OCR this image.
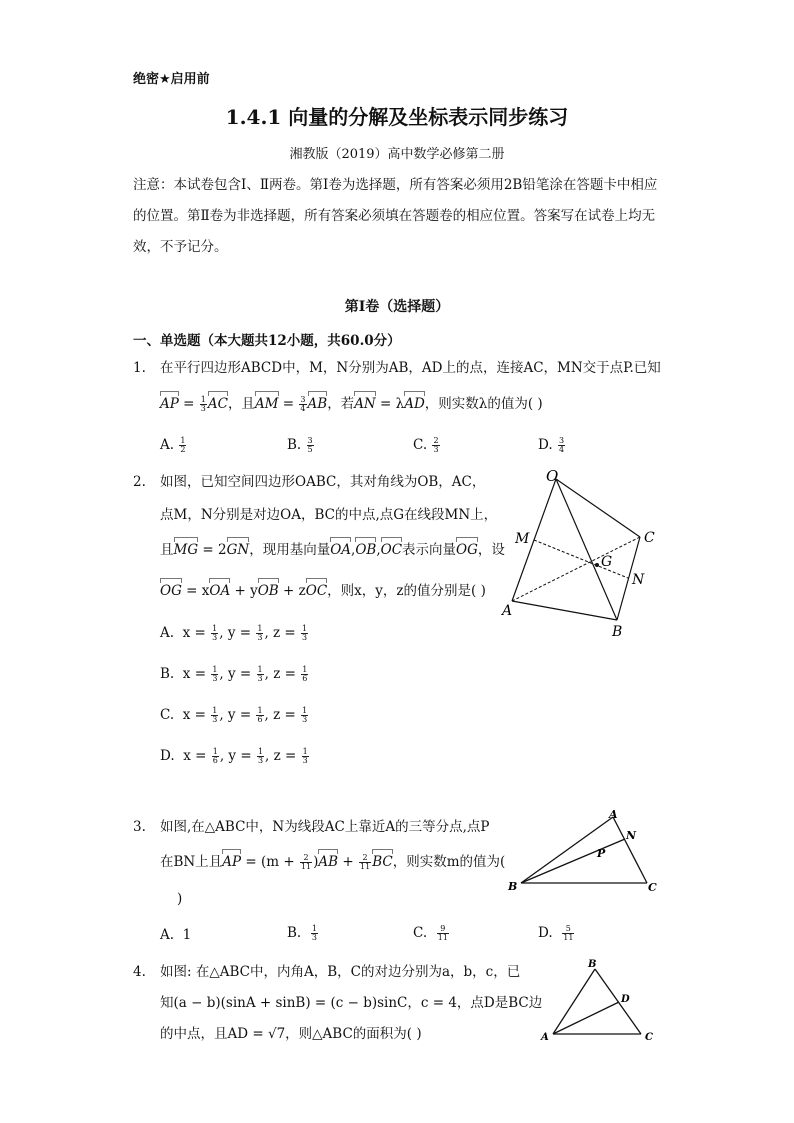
绝密★启用前
1.4.1 向量的分解及坐标表示同步练习
湘教版（2019）高中数学必修第二册
注意：本试卷包含Ⅰ、Ⅱ两卷。第Ⅰ卷为选择题，所有答案必须用2B铅笔涂在答题卡中相应的位置。第Ⅱ卷为非选择题，所有答案必须填在答题卷的相应位置。答案写在试卷上均无效，不予记分。
第Ⅰ卷（选择题）
一、单选题（本大题共12小题，共60.0分）
1. 在平行四边形ABCD中，M，N分别为AB，AD上的点，连接AC，MN交于点P.已知
AP = $\frac{1}{3}$ AC，且AM = $\frac{3}{4}$ AB，若AN = λAD，则实数λ的值为( )
A. $\frac{1}{2}$	B. $\frac{3}{5}$	C. $\frac{2}{3}$	D. $\frac{3}{4}$
2. 如图，已知空间四边形OABC，其对角线为OB，AC，
点M，N分别是对边OA，BC的中点,点G在线段MN上，
且MG = 2GN，现用基向量OA,OB,OC表示向量OG，设
OG = xOA + yOB + zOC，则x，y，z的值分别是( )
A.  $x = \frac{1}{3}$ , $y = \frac{1}{3}$ , $z = \frac{1}{3}$
B.  $x = \frac{1}{3}$ , $y = \frac{1}{3}$ , $z = \frac{1}{6}$
C.  $x = \frac{1}{3}$ , $y = \frac{1}{6}$ , $z = \frac{1}{3}$
D.  $x = \frac{1}{6}$ , $y = \frac{1}{3}$ , $z = \frac{1}{3}$
O
A
B
C
M
N
G
3. 如图,在△ABC中，N为线段AC上靠近A的三等分点,点P
在BN上且AP = $(m + \frac{2}{11} )AB + \frac{2}{11}$ BC，则实数m的值为(
)
A. 1	B. $\frac{1}{3}$	C. $\frac{9}{11}$	D. $\frac{5}{11}$
A
B	C
N
P
4. 如图: 在△ABC中，内角A，B，C的对边分别为a，b，c，已
知(a − b)(sinA + sinB) = (c − b)sinC，c = 4，点D是BC边
的中点，且AD = √7，则△ABC的面积为( )
B
A	C
D
